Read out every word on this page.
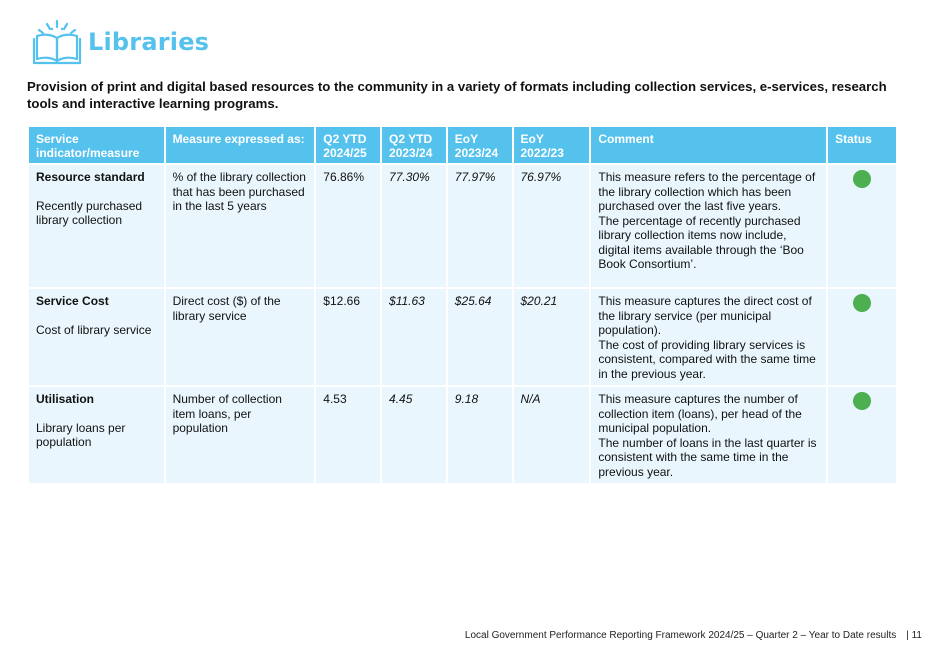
Libraries
Provision of print and digital based resources to the community in a variety of formats including collection services, e-services, research tools and interactive learning programs.
Service indicator/measure	Measure expressed as:	Q2 YTD 2024/25	Q2 YTD 2023/24	EoY 2023/24	EoY 2022/23	Comment	Status

Resource standard
Recently purchased library collection	% of the library collection that has been purchased in the last 5 years	76.86%	77.30%	77.97%	76.97%	This measure refers to the percentage of the library collection which has been purchased over the last five years.
The percentage of recently purchased library collection items now include, digital items available through the ‘Boo Book Consortium’.	

Service Cost
Cost of library service	Direct cost ($) of the library service	$12.66	$11.63	$25.64	$20.21	This measure captures the direct cost of the library service (per municipal population).
The cost of providing library services is consistent, compared with the same time in the previous year.	

Utilisation
Library loans per population	Number of collection item loans, per population	4.53	4.45	9.18	N/A	This measure captures the number of collection item (loans), per head of the municipal population.
The number of loans in the last quarter is consistent with the same time in the previous year.	

Local Government Performance Reporting Framework 2024/25 – Quarter 2 – Year to Date results | 11
